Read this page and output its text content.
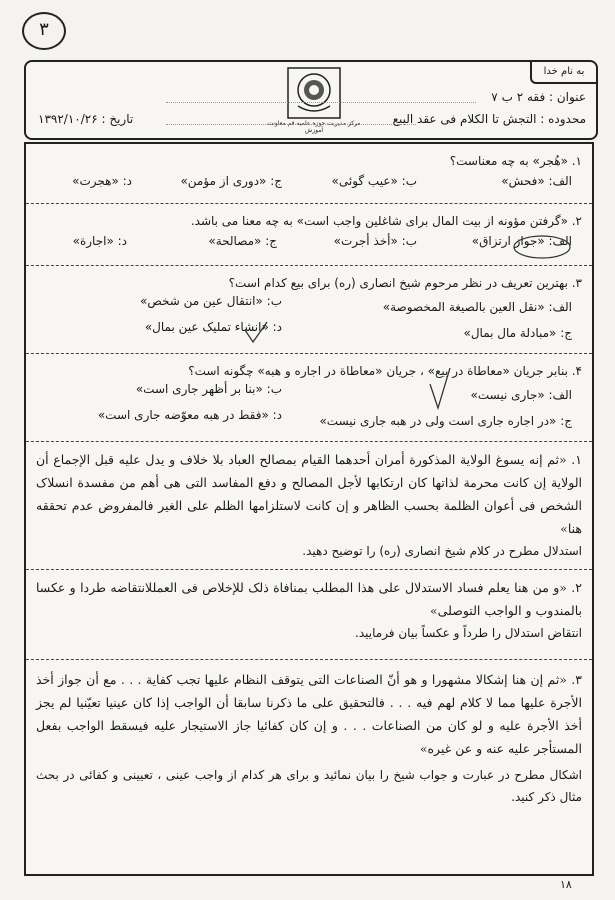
۳
به نام خدا
مرکز مدیریت حوزه علمیه قم معاونت آموزش
عنوان : فقه ۲ ب ۷
محدوده : التجش تا الکلام فی عقد البیع
تاریخ : ۱۳۹۲/۱۰/۲۶
۱. «هُجر» به چه معناست؟
الف: «فحش»
ب: «عیب گوئی»
ج: «دوری از مؤمن»
د: «هجرت»
۲. «گرفتن مؤونه از بیت المال برای شاغلین واجب است» به چه معنا می باشد.
الف: «جواز ارتزاق»
ب: «أخذ أجرت»
ج: «مصالحة»
د: «اجارة»
۳. بهترین تعریف در نظر مرحوم شیخ انصاری (ره) برای بیع کدام است؟
الف: «نقل العین بالصیغة المخصوصة»
ب: «انتقال عین من شخص»
ج: «مبادلة مال بمال»
د: «انشاء تملیک عین بمال»
۴. بنابر جریان «معاطاة در بیع» ، جریان «معاطاة در اجاره و هبه» چگونه است؟
الف: «جاری نیست»
ب: «بنا بر أظهر جاری است»
ج: «در اجاره جاری است ولی در هبه جاری نیست»
د: «فقط در هبه معوّضه جاری است»
۱. «ثم إنه یسوغ الولایة المذکورة أمران أحدهما القیام بمصالح العباد بلا خلاف و یدل علیه قبل الإجماع أن الولایة إن کانت محرمة لذاتها کان ارتکابها لأجل المصالح و دفع المفاسد التی هی أهم من مفسدة انسلاک الشخص فی أعوان الظلمة بحسب الظاهر و إن کانت لاستلزامها الظلم علی الغیر فالمفروض عدم تحققه هنا»
استدلال مطرح در کلام شیخ انصاری (ره) را توضیح دهید.
۲. «و من هنا یعلم فساد الاستدلال علی هذا المطلب بمنافاة ذلک للإخلاص فی العمللانتقاضه طردا و عکسا بالمندوب و الواجب التوصلی»
انتقاض استدلال را طرداً و عکساً بیان فرمایید.
۳. «ثم إن هنا إشکالا مشهورا و هو أنّ الصناعات التی یتوقف النظام علیها تجب کفایة . . . مع أن جواز أخذ الأجرة علیها مما لا کلام لهم فیه . . . فالتحقیق علی ما ذکرنا سابقا أن الواجب إذا کان عینیا تعیّنیا لم یجز أخذ الأجرة علیه و لو کان من الصناعات . . . و إن کان کفائیا جاز الاستیجار علیه فیسقط الواجب بفعل المستأجر علیه عنه و عن غیره»
اشکال مطرح در عبارت و جواب شیخ را بیان نمائید و برای هر کدام از واجب عینی ، تعیینی و کفائی در بحث مثال ذکر کنید.
۱۸
